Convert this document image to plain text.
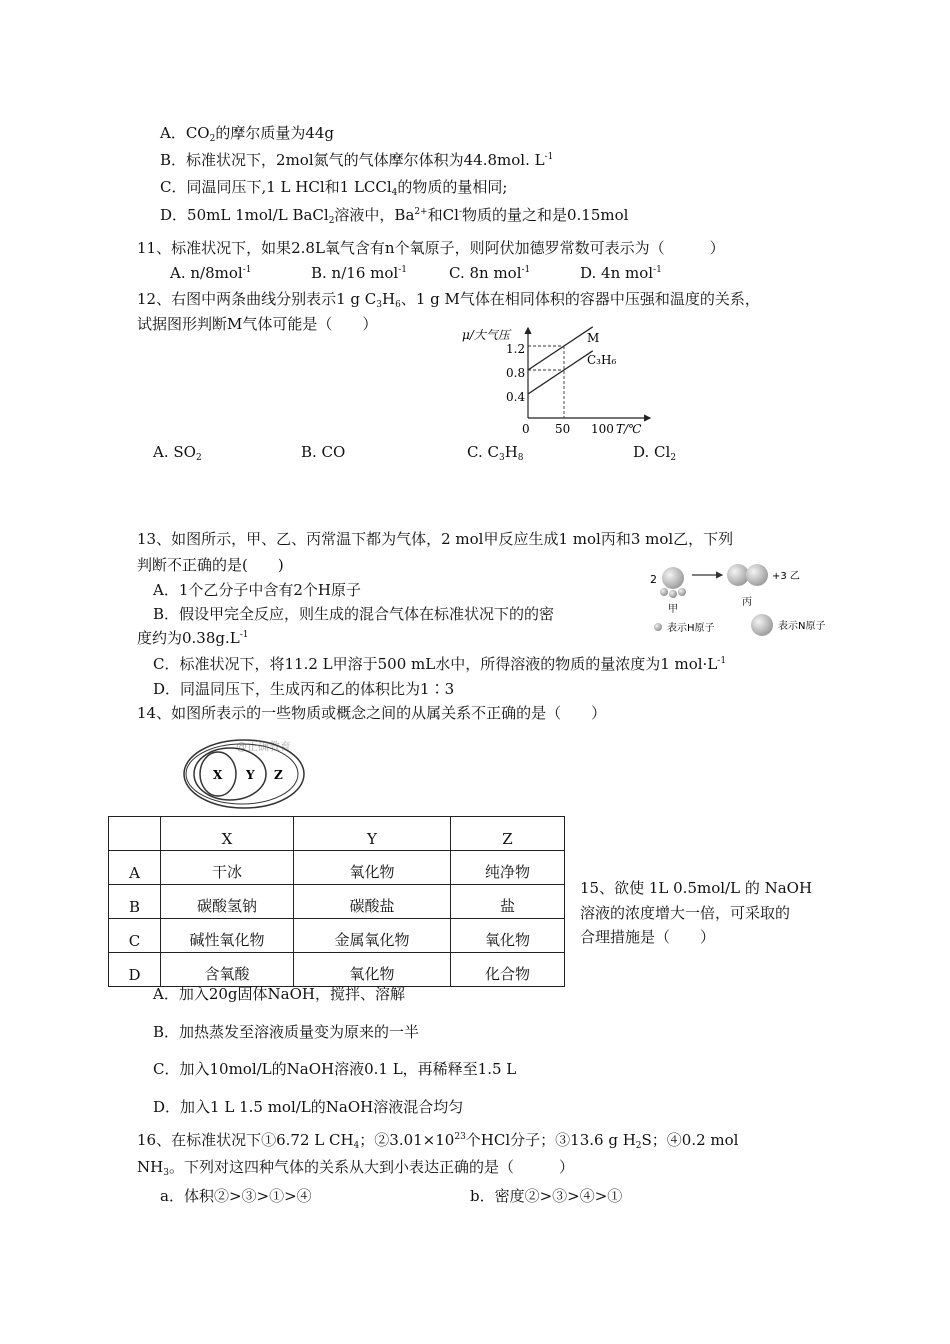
A．$CO_2$的摩尔质量为44g
B．标准状况下，2mol氮气的气体摩尔体积为44.8mol. $L^{-1}$
C．同温同压下,1 L HCl和1 LCCl$_4$的物质的量相同;
D．50mL 1mol/L BaCl$_2$溶液中，$Ba^{2+}$和Cl-物质的量之和是0.15mol
11、标准状况下，如果2.8L氧气含有n个氧原子，则阿伏加德罗常数可表示为（　　　）
A. n/8mol$^{-1}$	B. n/16 mol$^{-1}$	C. 8n mol$^{-1}$	D. 4n mol$^{-1}$
12、右图中两条曲线分别表示1 g $C_3H_6$、1 g M气体在相同体积的容器中压强和温度的关系，
试据图形判断M气体可能是（　　）
μ/大气压
1.2
0.8
0.4
0 50 100 T/℃
M
C₃H₆
A. $SO_2$	B. CO	C. $C_3H_8$	D. $Cl_2$
13、如图所示，甲、乙、丙常温下都为气体，2 mol甲反应生成1 mol丙和3 mol乙，下列
判断不正确的是(　　)
A．1个乙分子中含有2个H原子
B．假设甲完全反应，则生成的混合气体在标准状况下的的密
度约为$0.38g.L^{-1}$
C．标准状况下，将11.2 L甲溶于500 mL水中，所得溶液的物质的量浓度为1 $mol\cdot L^{-1}$
D．同温同压下，生成丙和乙的体积比为1∶3
2	+3 乙
甲
丙
表示H原子	表示N原子
14、如图所表示的一些物质或概念之间的从属关系不正确的是（　　）
@正确教育
X Y Z
	X	Y	Z
A	干冰	氧化物	纯净物
B	碳酸氢钠	碳酸盐	盐
C	碱性氧化物	金属氧化物	氧化物
D	含氧酸	氧化物	化合物
15、欲使 1L 0.5mol/L 的 NaOH
溶液的浓度增大一倍，可采取的
合理措施是（　　）
A．加入20g固体NaOH，搅拌、溶解
B．加热蒸发至溶液质量变为原来的一半
C．加入10mol/L的NaOH溶液0.1 L，再稀释至1.5 L
D．加入1 L 1.5 mol/L的NaOH溶液混合均匀
16、在标准状况下①6.72 L $CH_4$；$②3.01\times 10^{23}$个HCl分子；③13.6 g $H_2S$；④0.2 mol
$NH_3$。下列对这四种气体的关系从大到小表达正确的是（　　　）
a．体积②>③>①>④	b．密度②>③>④>①
